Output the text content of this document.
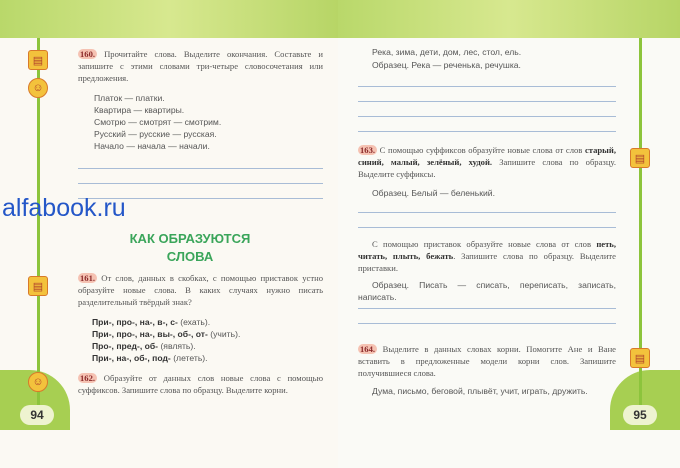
▤
☺
▤
☺
94
160. Прочитайте слова. Выделите окончания. Составьте и запишите с этими словами три-четыре словосочетания или предложения.
Платок — платки.
Квартира — квартиры.
Смотрю — смотрят — смотрим.
Русский — русские — русская.
Начало — начала — начали.
КАК ОБРАЗУЮТСЯ СЛОВА
161. От слов, данных в скобках, с помощью приставок устно образуйте новые слова. В каких случаях нужно писать разделительный твёрдый знак?
При-, про-, на-, в-, с- (ехать).
При-, про-, на-, вы-, об-, от- (учить).
Про-, пред-, об- (являть).
При-, на-, об-, под- (лететь).
162. Образуйте от данных слов новые слова с помощью суффиксов. Запишите слова по образцу. Выделите корни.
▤
▤
95
Река, зима, дети, дом, лес, стол, ель.
Образец. Река — реченька, речушка.
163. С помощью суффиксов образуйте новые слова от слов старый, синий, малый, зелёный, худой. Запишите слова по образцу. Выделите суффиксы.
Образец. Белый — беленький.
С помощью приставок образуйте новые слова от слов петь, читать, плыть, бежать. Запишите слова по образцу. Выделите приставки.
Образец. Писать — списать, переписать, записать, написать.
164. Выделите в данных словах корни. Помогите Ане и Ване вставить в предложенные модели корни слов. Запишите получившиеся слова.
Дума, письмо, беговой, плывёт, учит, играть, дружить.
alfabook.ru
